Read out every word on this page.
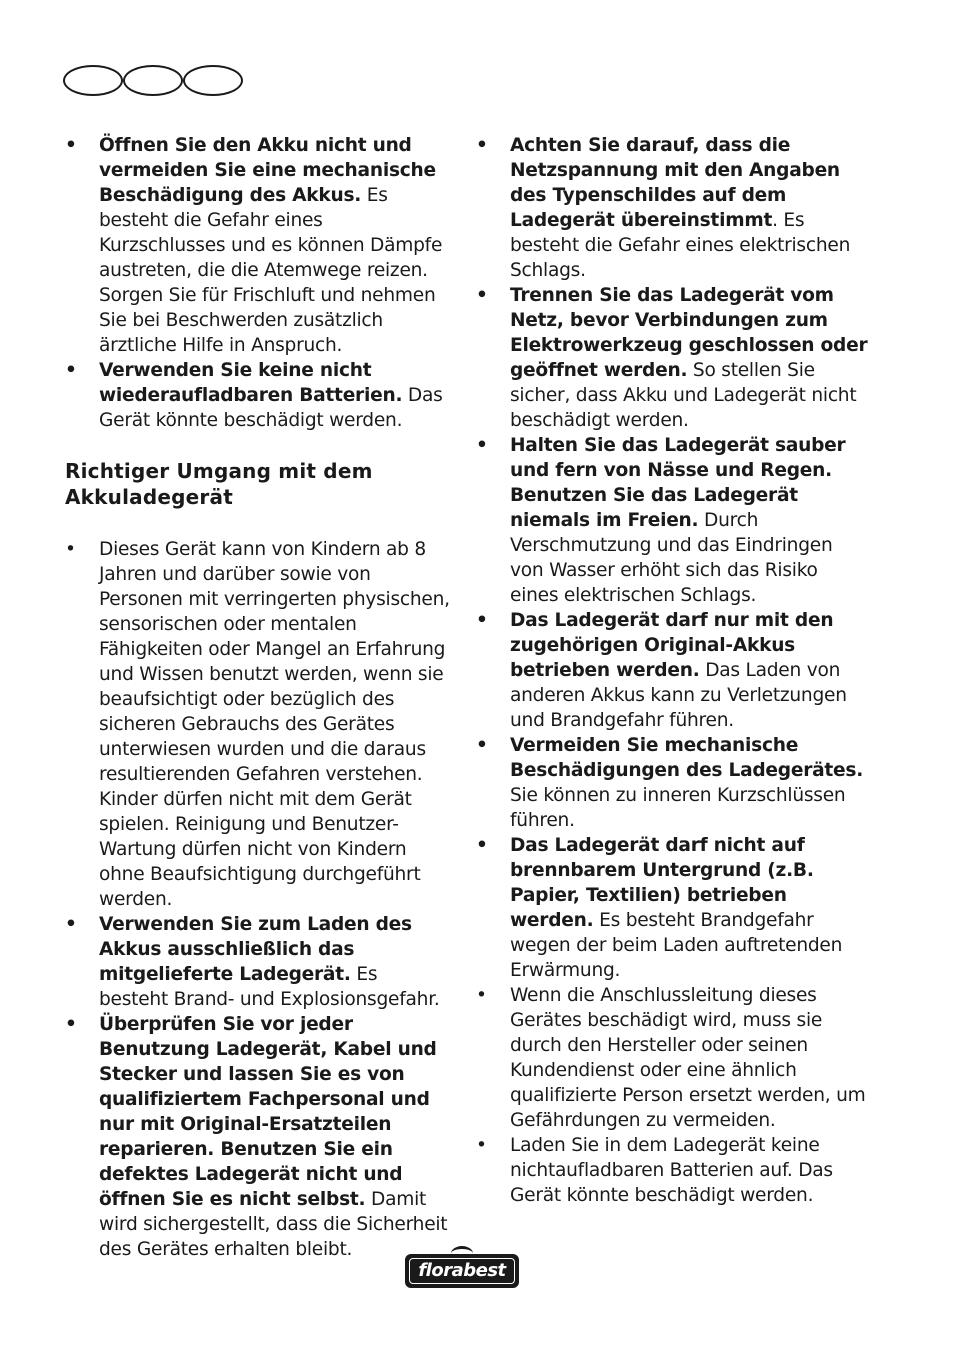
• Öffnen Sie den Akku nicht und vermeiden Sie eine mechanische Beschädigung des Akkus. Es besteht die Gefahr eines Kurzschlusses und es können Dämpfe austreten, die die Atemwege reizen. Sorgen Sie für Frischluft und nehmen Sie bei Beschwerden zusätzlich ärztliche Hilfe in Anspruch.
• Verwenden Sie keine nicht wiederaufladbaren Batterien. Das Gerät könnte beschädigt werden.
Richtiger Umgang mit dem Akkuladegerät
• Dieses Gerät kann von Kindern ab 8 Jahren und darüber sowie von Personen mit verringerten physischen, sensorischen oder mentalen Fähigkeiten oder Mangel an Erfahrung und Wissen benutzt werden, wenn sie beaufsichtigt oder bezüglich des sicheren Gebrauchs des Gerätes unterwiesen wurden und die daraus resultierenden Gefahren verstehen. Kinder dürfen nicht mit dem Gerät spielen. Reinigung und Benutzer-Wartung dürfen nicht von Kindern ohne Beaufsichtigung durchgeführt werden.
• Verwenden Sie zum Laden des Akkus ausschließlich das mitgelieferte Ladegerät. Es besteht Brand- und Explosionsgefahr.
• Überprüfen Sie vor jeder Benutzung Ladegerät, Kabel und Stecker und lassen Sie es von qualifiziertem Fachpersonal und nur mit Original-Ersatzteilen reparieren. Benutzen Sie ein defektes Ladegerät nicht und öffnen Sie es nicht selbst. Damit wird sichergestellt, dass die Sicherheit des Gerätes erhalten bleibt.
• Achten Sie darauf, dass die Netzspannung mit den Angaben des Typenschildes auf dem Ladegerät übereinstimmt. Es besteht die Gefahr eines elektrischen Schlags.
• Trennen Sie das Ladegerät vom Netz, bevor Verbindungen zum Elektrowerkzeug geschlossen oder geöffnet werden. So stellen Sie sicher, dass Akku und Ladegerät nicht beschädigt werden.
• Halten Sie das Ladegerät sauber und fern von Nässe und Regen. Benutzen Sie das Ladegerät niemals im Freien. Durch Verschmutzung und das Eindringen von Wasser erhöht sich das Risiko eines elektrischen Schlags.
• Das Ladegerät darf nur mit den zugehörigen Original-Akkus betrieben werden. Das Laden von anderen Akkus kann zu Verletzungen und Brandgefahr führen.
• Vermeiden Sie mechanische Beschädigungen des Ladegerätes. Sie können zu inneren Kurzschlüssen führen.
• Das Ladegerät darf nicht auf brennbarem Untergrund (z.B. Papier, Textilien) betrieben werden. Es besteht Brandgefahr wegen der beim Laden auftretenden Erwärmung.
• Wenn die Anschlussleitung dieses Gerätes beschädigt wird, muss sie durch den Hersteller oder seinen Kundendienst oder eine ähnlich qualifizierte Person ersetzt werden, um Gefährdungen zu vermeiden.
• Laden Sie in dem Ladegerät keine nichtaufladbaren Batterien auf. Das Gerät könnte beschädigt werden.
florabest
